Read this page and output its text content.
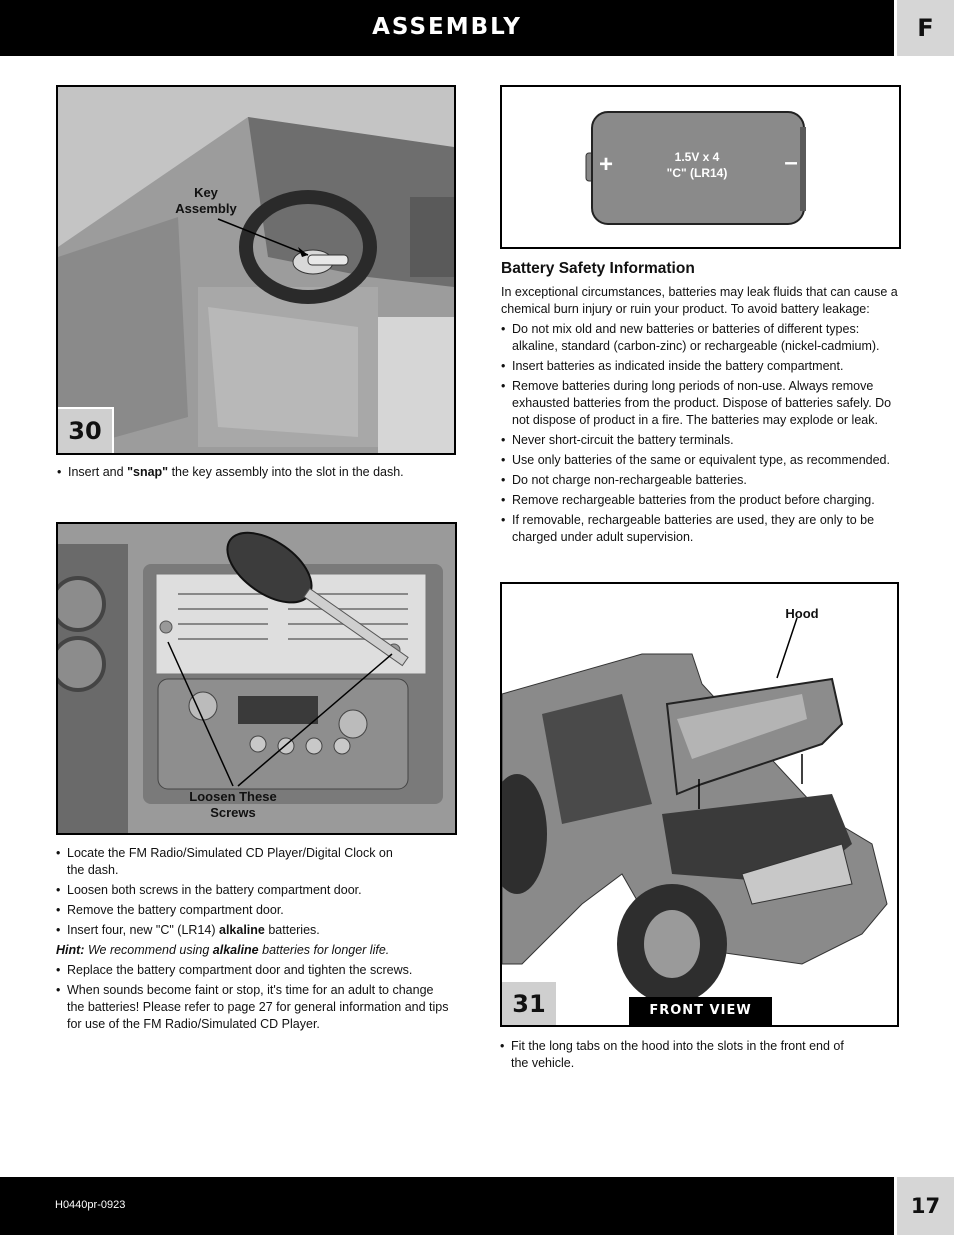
ASSEMBLY	F
Key
Assembly
30
• Insert and "snap" the key assembly into the slot in the dash.
Loosen These
Screws
• Locate the FM Radio/Simulated CD Player/Digital Clock on the dash.
• Loosen both screws in the battery compartment door.
• Remove the battery compartment door.
• Insert four, new "C" (LR14) alkaline batteries.
Hint: We recommend using alkaline batteries for longer life.
• Replace the battery compartment door and tighten the screws.
• When sounds become faint or stop, it's time for an adult to change the batteries! Please refer to page 27 for general information and tips for use of the FM Radio/Simulated CD Player.
+	–
1.5V x 4
"C" (LR14)
Battery Safety Information
In exceptional circumstances, batteries may leak fluids that can cause a chemical burn injury or ruin your product. To avoid battery leakage:
• Do not mix old and new batteries or batteries of different types: alkaline, standard (carbon-zinc) or rechargeable (nickel-cadmium).
• Insert batteries as indicated inside the battery compartment.
• Remove batteries during long periods of non-use. Always remove exhausted batteries from the product. Dispose of batteries safely. Do not dispose of product in a fire. The batteries may explode or leak.
• Never short-circuit the battery terminals.
• Use only batteries of the same or equivalent type, as recommended.
• Do not charge non-rechargeable batteries.
• Remove rechargeable batteries from the product before charging.
• If removable, rechargeable batteries are used, they are only to be charged under adult supervision.
Hood
31	FRONT VIEW
• Fit the long tabs on the hood into the slots in the front end of the vehicle.
H0440pr-0923	17
